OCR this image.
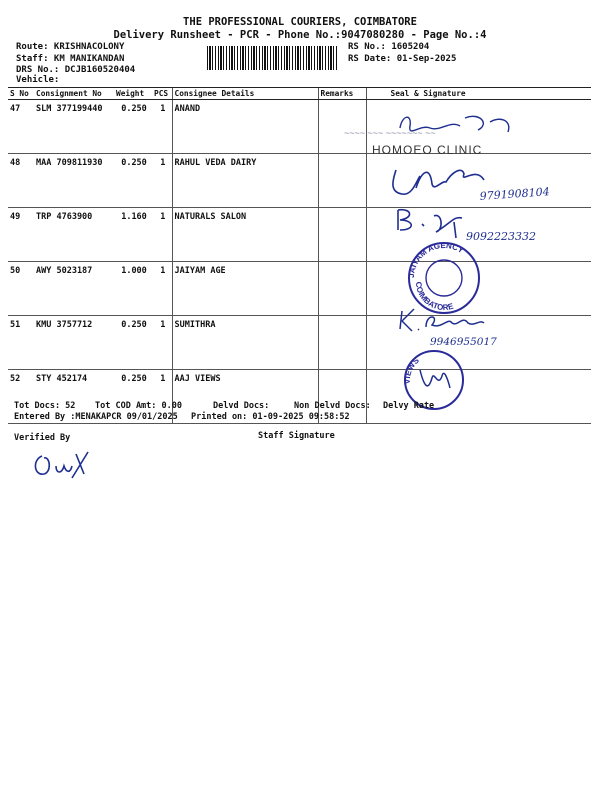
THE PROFESSIONAL COURIERS, COIMBATORE
Delivery Runsheet - PCR - Phone No.:9047080280 - Page No.:4
Route: KRISHNACOLONY
Staff: KM MANIKANDAN
DRS No.: DCJB160520404
Vehicle:
RS No.: 1605204
RS Date: 01-Sep-2025
S No	Consignment No	Weight	PCS	Consignee Details	Remarks	Seal & Signature
47	SLM 377199440	0.250	1	ANAND		
48	MAA 709811930	0.250	1	RAHUL VEDA DAIRY		
49	TRP 4763900	1.160	1	NATURALS SALON		
50	AWY 5023187	1.000	1	JAIYAM AGE		
51	KMU 3757712	0.250	1	SUMITHRA		
52	STY 452174	0.250	1	AAJ VIEWS		
~~~~ ~~~ ~~~~~~~ ~~
HOMOEO CLINIC
9791908104
9092223332
JAIYAM AGENCY
COIMBATORE
9946955017
VIEWS
Tot Docs: 52 Tot COD Amt: 0.00	Delvd Docs:	Non Delvd Docs: Delvy Rate
Entered By :MENAKAPCR 09/01/2025 Printed on: 01-09-2025 09:58:52
Verified By	Staff Signature
